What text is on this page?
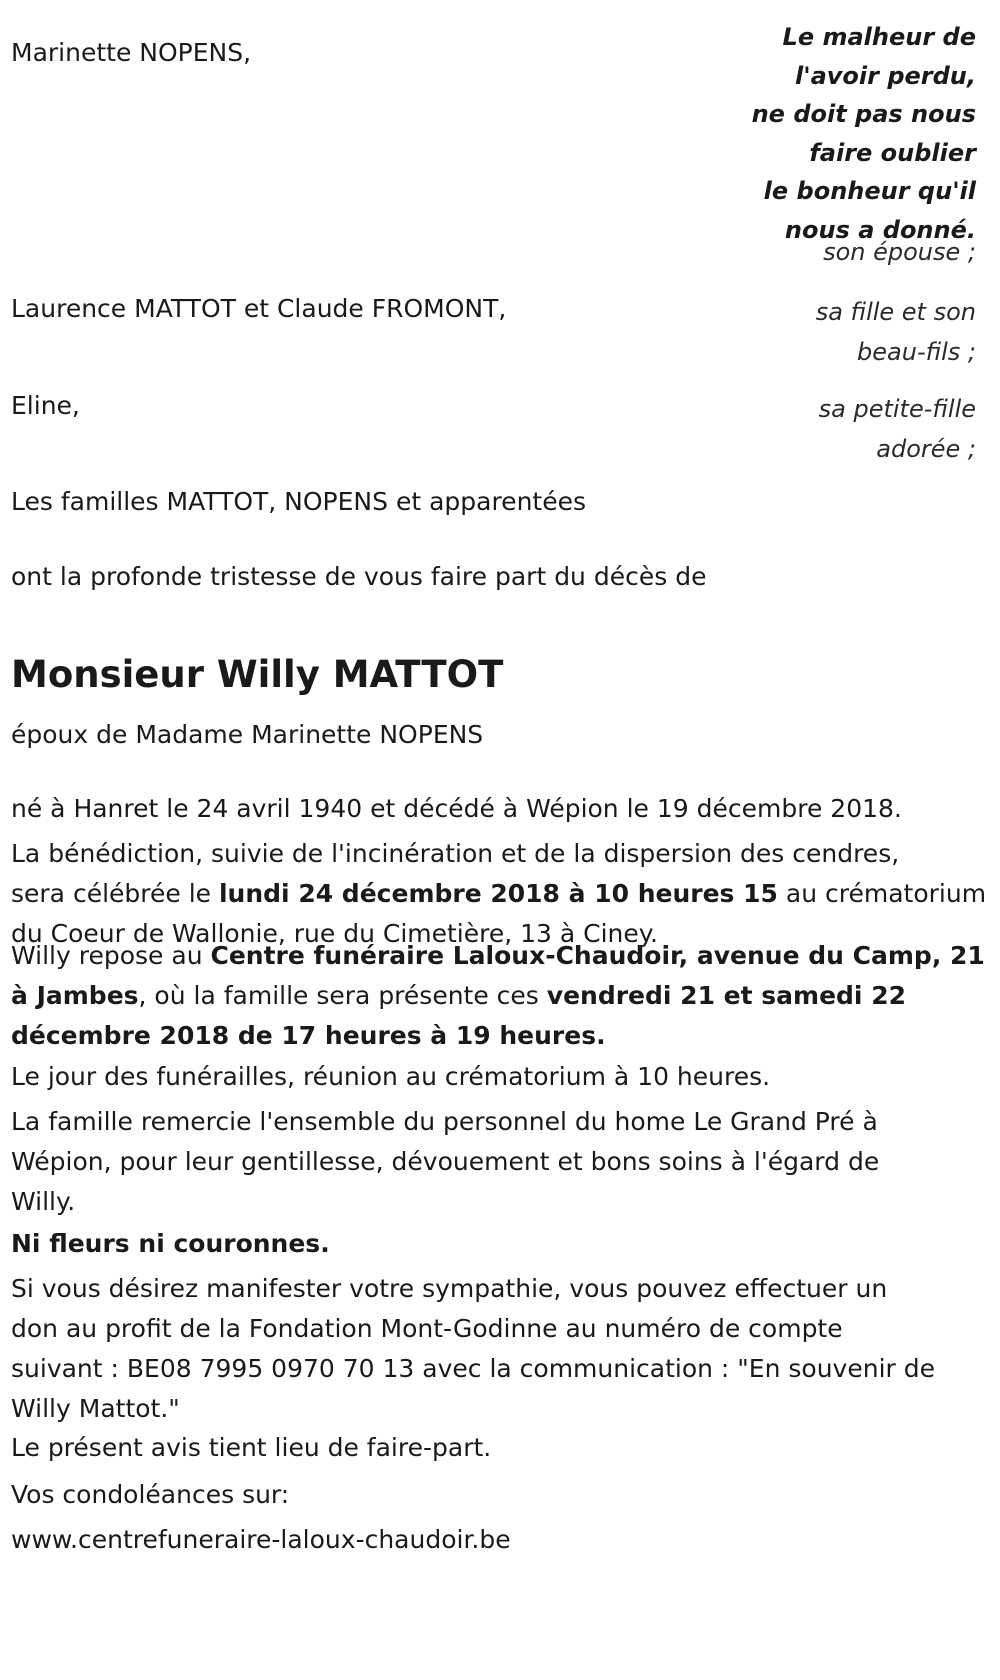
Marinette NOPENS,

Laurence MATTOT et Claude FROMONT,

Eline,

Les familles MATTOT, NOPENS et apparentées

Le malheur de
l'avoir perdu,
ne doit pas nous
faire oublier
le bonheur qu'il
nous a donné.
son épouse ;
sa fille et son
beau-fils ;
sa petite-fille
adorée ;

ont la profonde tristesse de vous faire part du décès de

Monsieur Willy MATTOT

époux de Madame Marinette NOPENS

né à Hanret le 24 avril 1940 et décédé à Wépion le 19 décembre 2018.

La bénédiction, suivie de l'incinération et de la dispersion des cendres,
sera célébrée le lundi 24 décembre 2018 à 10 heures 15 au crématorium
du Coeur de Wallonie, rue du Cimetière, 13 à Ciney.
Willy repose au Centre funéraire Laloux-Chaudoir, avenue du Camp, 21
à Jambes, où la famille sera présente ces vendredi 21 et samedi 22
décembre 2018 de 17 heures à 19 heures.

Le jour des funérailles, réunion au crématorium à 10 heures.

La famille remercie l'ensemble du personnel du home Le Grand Pré à
Wépion, pour leur gentillesse, dévouement et bons soins à l'égard de
Willy.

Ni fleurs ni couronnes.

Si vous désirez manifester votre sympathie, vous pouvez effectuer un
don au profit de la Fondation Mont-Godinne au numéro de compte
suivant : BE08 7995 0970 70 13 avec la communication : "En souvenir de
Willy Mattot."

Le présent avis tient lieu de faire-part.

Vos condoléances sur:

www.centrefuneraire-laloux-chaudoir.be
